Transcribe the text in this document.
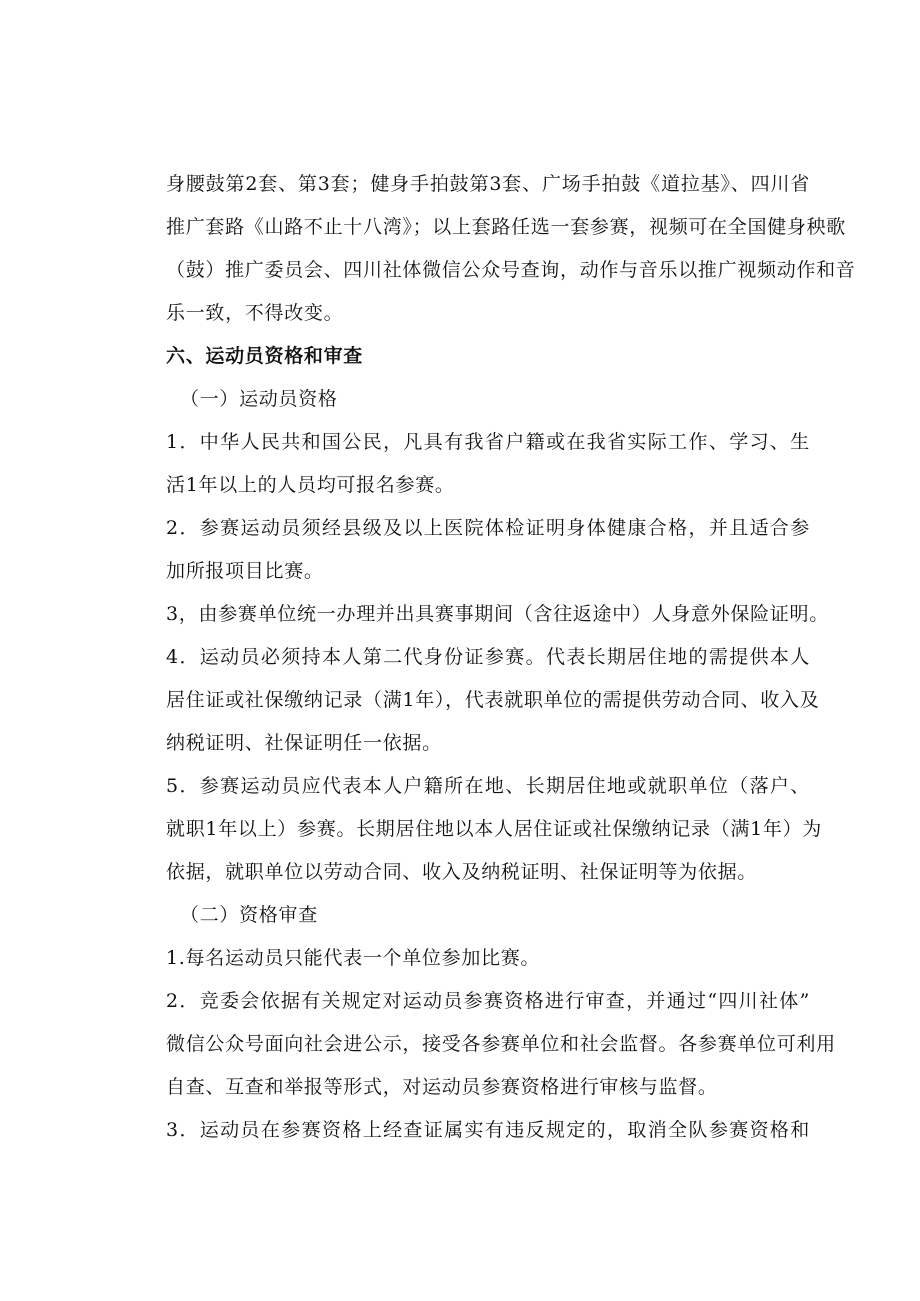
身腰鼓第2套、第3套；健身手拍鼓第3套、广场手拍鼓《道拉基》、四川省
推广套路《山路不止十八湾》；以上套路任选一套参赛，视频可在全国健身秧歌
（鼓）推广委员会、四川社体微信公众号查询，动作与音乐以推广视频动作和音
乐一致，不得改变。
六、运动员资格和审查
（一）运动员资格
1．中华人民共和国公民，凡具有我省户籍或在我省实际工作、学习、生
活1年以上的人员均可报名参赛。
2．参赛运动员须经县级及以上医院体检证明身体健康合格，并且适合参
加所报项目比赛。
3，由参赛单位统一办理并出具赛事期间（含往返途中）人身意外保险证明。
4．运动员必须持本人第二代身份证参赛。代表长期居住地的需提供本人
居住证或社保缴纳记录（满1年），代表就职单位的需提供劳动合同、收入及
纳税证明、社保证明任一依据。
5．参赛运动员应代表本人户籍所在地、长期居住地或就职单位（落户、
就职1年以上）参赛。长期居住地以本人居住证或社保缴纳记录（满1年）为
依据，就职单位以劳动合同、收入及纳税证明、社保证明等为依据。
（二）资格审查
1.每名运动员只能代表一个单位参加比赛。
2．竞委会依据有关规定对运动员参赛资格进行审查，并通过“四川社体”
微信公众号面向社会进公示，接受各参赛单位和社会监督。各参赛单位可利用
自查、互查和举报等形式，对运动员参赛资格进行审核与监督。
3．运动员在参赛资格上经查证属实有违反规定的，取消全队参赛资格和
